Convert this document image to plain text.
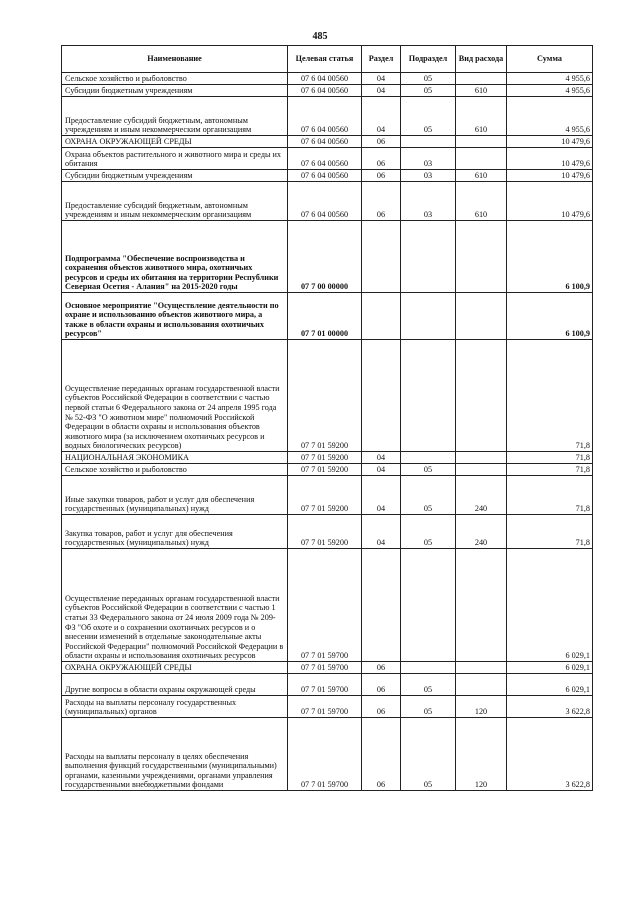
485
Наименование	Целевая статья	Раздел	Подраздел	Вид расхода	Сумма
Сельское хозяйство и рыболовство	07 6 04 00560	04	05		4 955,6
Субсидии бюджетным учреждениям	07 6 04 00560	04	05	610	4 955,6
Предоставление субсидий бюджетным, автономным учреждениям и иным некоммерческим организациям	07 6 04 00560	04	05	610	4 955,6
ОХРАНА ОКРУЖАЮЩЕЙ СРЕДЫ	07 6 04 00560	06			10 479,6
Охрана объектов растительного и животного мира и среды их обитания	07 6 04 00560	06	03		10 479,6
Субсидии бюджетным учреждениям	07 6 04 00560	06	03	610	10 479,6
Предоставление субсидий бюджетным, автономным учреждениям и иным некоммерческим организациям	07 6 04 00560	06	03	610	10 479,6
Подпрограмма "Обеспечение воспроизводства и сохранения объектов животного мира, охотничьих ресурсов и среды их обитания на территории Республики Северная Осетия - Алания" на 2015-2020 годы	07 7 00 00000				6 100,9
Основное мероприятие "Осуществление деятельности по охране и использованию объектов животного мира, а также в области охраны и использования охотничьих ресурсов"	07 7 01 00000				6 100,9
Осуществление переданных органам государственной власти субъектов Российской Федерации в соответствии с частью первой статьи 6 Федерального закона от 24 апреля 1995 года № 52-ФЗ "О животном мире" полномочий Российской Федерации в области охраны и использования объектов животного мира (за исключением охотничьих ресурсов и водных биологических ресурсов)	07 7 01 59200				71,8
НАЦИОНАЛЬНАЯ ЭКОНОМИКА	07 7 01 59200	04			71,8
Сельское хозяйство и рыболовство	07 7 01 59200	04	05		71,8
Иные закупки товаров, работ и услуг для обеспечения государственных (муниципальных) нужд	07 7 01 59200	04	05	240	71,8
Закупка товаров, работ и услуг для обеспечения государственных (муниципальных) нужд	07 7 01 59200	04	05	240	71,8
Осуществление переданных органам государственной власти субъектов Российской Федерации в соответствии с частью 1 статьи 33 Федерального закона от 24 июля 2009 года № 209-ФЗ "Об охоте и о сохранении охотничьих ресурсов и о внесении изменений в отдельные законодательные акты Российской Федерации" полномочий Российской Федерации в области охраны и использования охотничьих ресурсов	07 7 01 59700				6 029,1
ОХРАНА ОКРУЖАЮЩЕЙ СРЕДЫ	07 7 01 59700	06			6 029,1
Другие вопросы в области охраны окружающей среды	07 7 01 59700	06	05		6 029,1
Расходы на выплаты персоналу государственных (муниципальных) органов	07 7 01 59700	06	05	120	3 622,8
Расходы на выплаты персоналу в целях обеспечения выполнения функций государственными (муниципальными) органами, казенными учреждениями, органами управления государственными внебюджетными фондами	07 7 01 59700	06	05	120	3 622,8
